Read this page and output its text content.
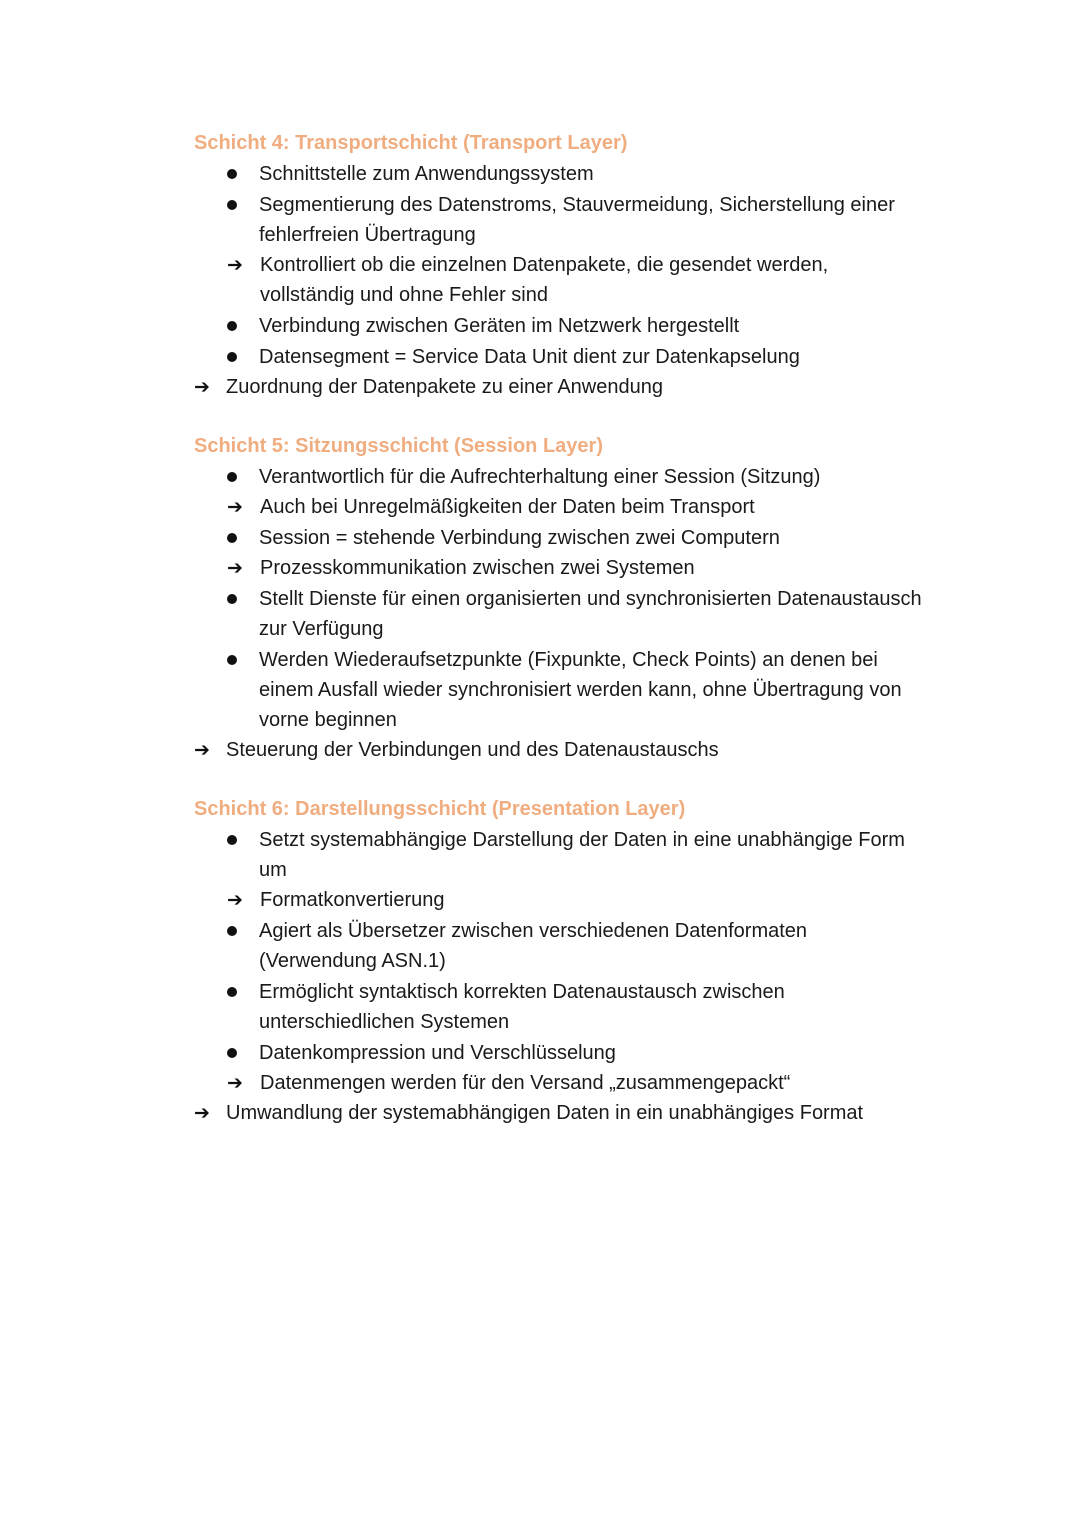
Schicht 4: Transportschicht (Transport Layer)
Schnittstelle zum Anwendungssystem
Segmentierung des Datenstroms, Stauvermeidung, Sicherstellung einer
fehlerfreien Übertragung
➔ Kontrolliert ob die einzelnen Datenpakete, die gesendet werden,
vollständig und ohne Fehler sind
Verbindung zwischen Geräten im Netzwerk hergestellt
Datensegment = Service Data Unit dient zur Datenkapselung
➔ Zuordnung der Datenpakete zu einer Anwendung
Schicht 5: Sitzungsschicht (Session Layer)
Verantwortlich für die Aufrechterhaltung einer Session (Sitzung)
➔ Auch bei Unregelmäßigkeiten der Daten beim Transport
Session = stehende Verbindung zwischen zwei Computern
➔ Prozesskommunikation zwischen zwei Systemen
Stellt Dienste für einen organisierten und synchronisierten Datenaustausch
zur Verfügung
Werden Wiederaufsetzpunkte (Fixpunkte, Check Points) an denen bei
einem Ausfall wieder synchronisiert werden kann, ohne Übertragung von
vorne beginnen
➔ Steuerung der Verbindungen und des Datenaustauschs
Schicht 6: Darstellungsschicht (Presentation Layer)
Setzt systemabhängige Darstellung der Daten in eine unabhängige Form
um
➔ Formatkonvertierung
Agiert als Übersetzer zwischen verschiedenen Datenformaten
(Verwendung ASN.1)
Ermöglicht syntaktisch korrekten Datenaustausch zwischen
unterschiedlichen Systemen
Datenkompression und Verschlüsselung
➔ Datenmengen werden für den Versand „zusammengepackt“
➔ Umwandlung der systemabhängigen Daten in ein unabhängiges Format
